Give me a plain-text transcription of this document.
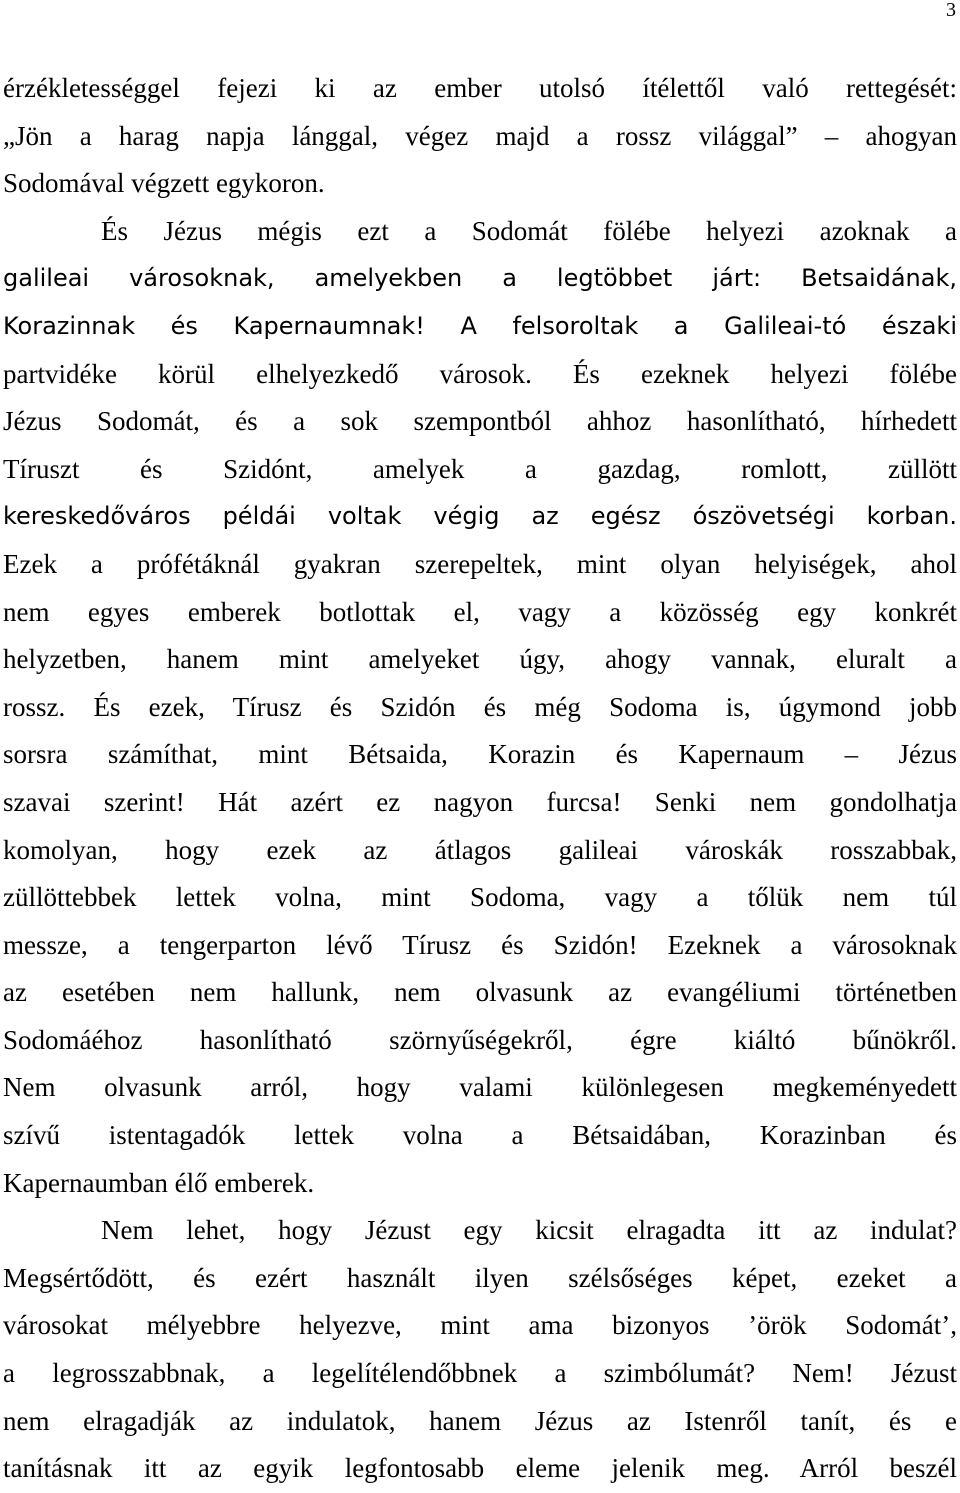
3
érzékletességgel fejezi ki az ember utolsó ítélettől való rettegését:
„Jön a harag napja lánggal, végez majd a rossz világgal” – ahogyan
Sodomával végzett egykoron.
És Jézus mégis ezt a Sodomát fölébe helyezi azoknak a
galileai városoknak, amelyekben a legtöbbet járt: Betsaidának,
Korazinnak és Kapernaumnak! A felsoroltak a Galileai-tó északi
partvidéke körül elhelyezkedő városok. És ezeknek helyezi fölébe
Jézus Sodomát, és a sok szempontból ahhoz hasonlítható, hírhedett
Tíruszt és Szidónt, amelyek a gazdag, romlott, züllött
kereskedőváros példái voltak végig az egész ószövetségi korban.
Ezek a prófétáknál gyakran szerepeltek, mint olyan helyiségek, ahol
nem egyes emberek botlottak el, vagy a közösség egy konkrét
helyzetben, hanem mint amelyeket úgy, ahogy vannak, eluralt a
rossz. És ezek, Tírusz és Szidón és még Sodoma is, úgymond jobb
sorsra számíthat, mint Bétsaida, Korazin és Kapernaum – Jézus
szavai szerint! Hát azért ez nagyon furcsa! Senki nem gondolhatja
komolyan, hogy ezek az átlagos galileai városkák rosszabbak,
züllöttebbek lettek volna, mint Sodoma, vagy a tőlük nem túl
messze, a tengerparton lévő Tírusz és Szidón! Ezeknek a városoknak
az esetében nem hallunk, nem olvasunk az evangéliumi történetben
Sodomáéhoz hasonlítható szörnyűségekről, égre kiáltó bűnökről.
Nem olvasunk arról, hogy valami különlegesen megkeményedett
szívű istentagadók lettek volna a Bétsaidában, Korazinban és
Kapernaumban élő emberek.
Nem lehet, hogy Jézust egy kicsit elragadta itt az indulat?
Megsértődött, és ezért használt ilyen szélsőséges képet, ezeket a
városokat mélyebbre helyezve, mint ama bizonyos ’örök Sodomát’,
a legrosszabbnak, a legelítélendőbbnek a szimbólumát? Nem! Jézust
nem elragadják az indulatok, hanem Jézus az Istenről tanít, és e
tanításnak itt az egyik legfontosabb eleme jelenik meg. Arról beszél
